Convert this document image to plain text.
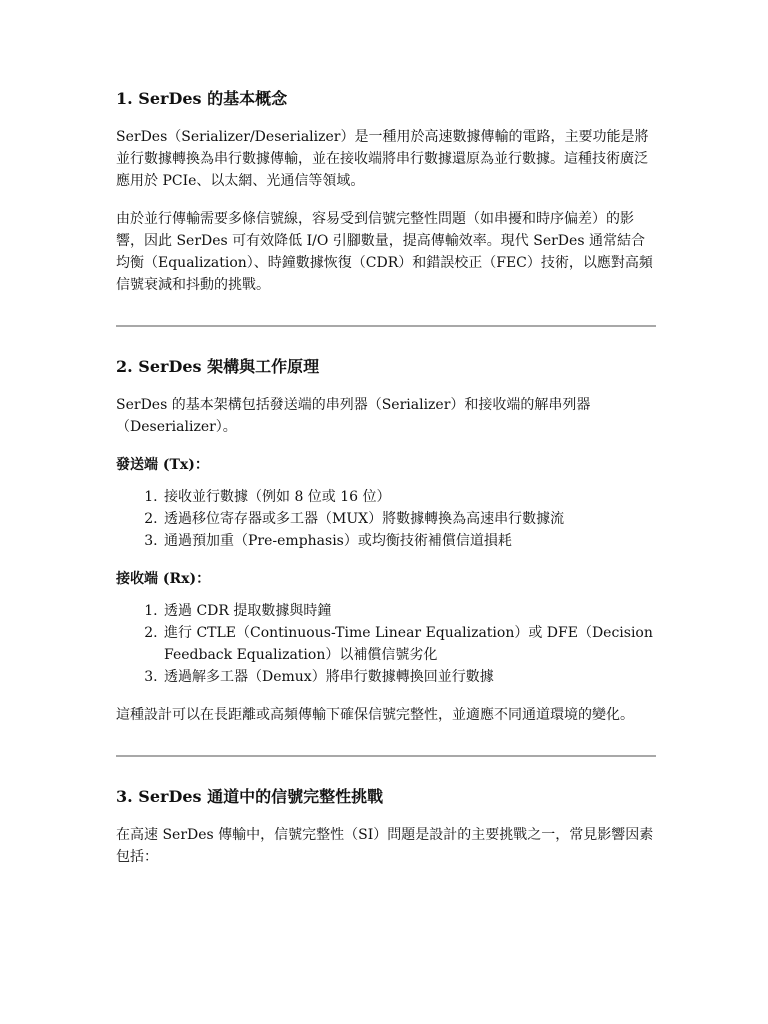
1. SerDes 的基本概念

SerDes（Serializer/Deserializer）是一種用於高速數據傳輸的電路，主要功能是將並行數據轉換為串行數據傳輸，並在接收端將串行數據還原為並行數據。這種技術廣泛應用於 PCIe、以太網、光通信等領域。

由於並行傳輸需要多條信號線，容易受到信號完整性問題（如串擾和時序偏差）的影響，因此 SerDes 可有效降低 I/O 引腳數量，提高傳輸效率。現代 SerDes 通常結合均衡（Equalization）、時鐘數據恢復（CDR）和錯誤校正（FEC）技術，以應對高頻信號衰減和抖動的挑戰。

2. SerDes 架構與工作原理

SerDes 的基本架構包括發送端的串列器（Serializer）和接收端的解串列器（Deserializer）。

發送端 (Tx)：
1. 接收並行數據（例如 8 位或 16 位）
2. 透過移位寄存器或多工器（MUX）將數據轉換為高速串行數據流
3. 通過預加重（Pre-emphasis）或均衡技術補償信道損耗
接收端 (Rx)：
1. 透過 CDR 提取數據與時鐘
2. 進行 CTLE（Continuous-Time Linear Equalization）或 DFE（Decision Feedback Equalization）以補償信號劣化
3. 透過解多工器（Demux）將串行數據轉換回並行數據

這種設計可以在長距離或高頻傳輸下確保信號完整性，並適應不同通道環境的變化。

3. SerDes 通道中的信號完整性挑戰

在高速 SerDes 傳輸中，信號完整性（SI）問題是設計的主要挑戰之一，常見影響因素包括：
